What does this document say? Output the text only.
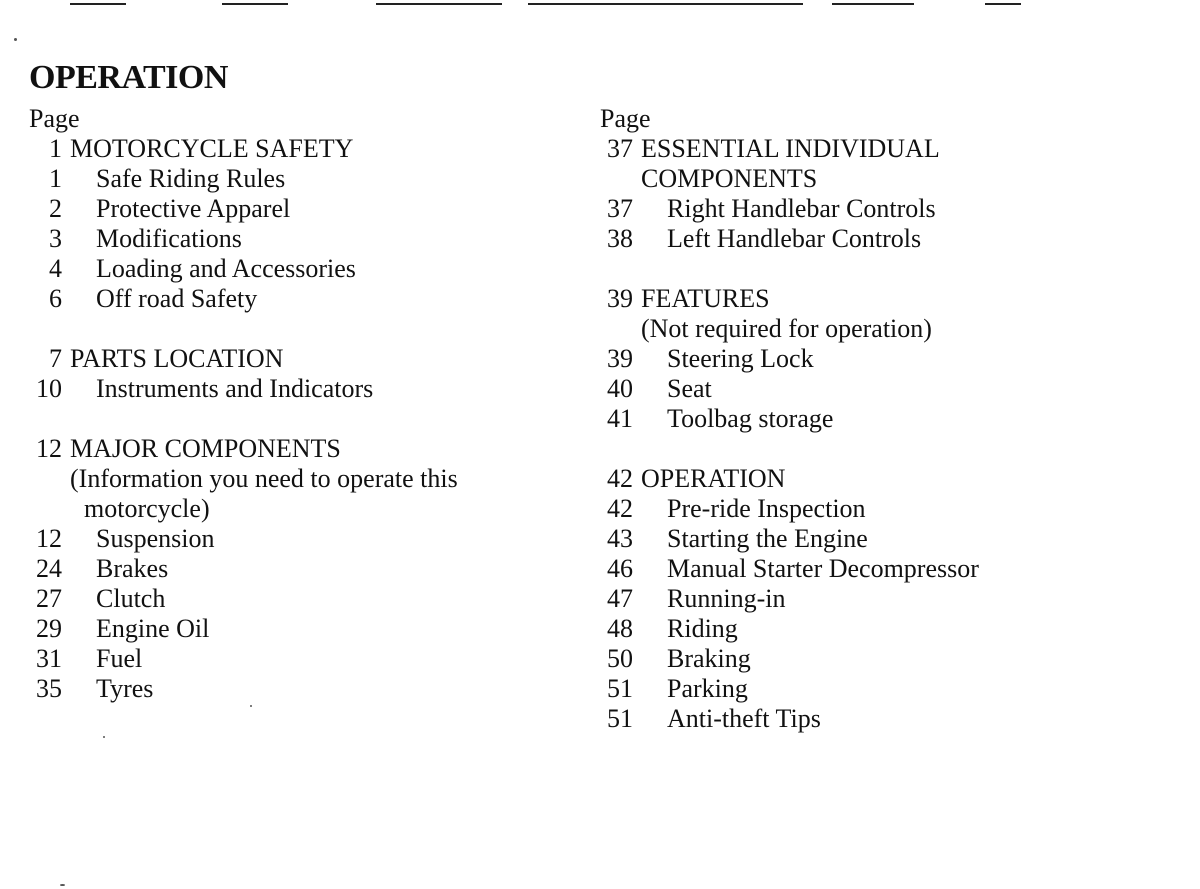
OPERATION
Page
1 MOTORCYCLE SAFETY
1	Safe Riding Rules
2	Protective Apparel
3	Modifications
4	Loading and Accessories
6	Off road Safety
7 PARTS LOCATION
10	Instruments and Indicators
12 MAJOR COMPONENTS
(Information you need to operate this
motorcycle)
12	Suspension
24	Brakes
27	Clutch
29	Engine Oil
31	Fuel
35	Tyres
Page
37 ESSENTIAL INDIVIDUAL
COMPONENTS
37	Right Handlebar Controls
38	Left Handlebar Controls
39 FEATURES
(Not required for operation)
39	Steering Lock
40	Seat
41	Toolbag storage
42 OPERATION
42	Pre-ride Inspection
43	Starting the Engine
46	Manual Starter Decompressor
47	Running-in
48	Riding
50	Braking
51	Parking
51	Anti-theft Tips
